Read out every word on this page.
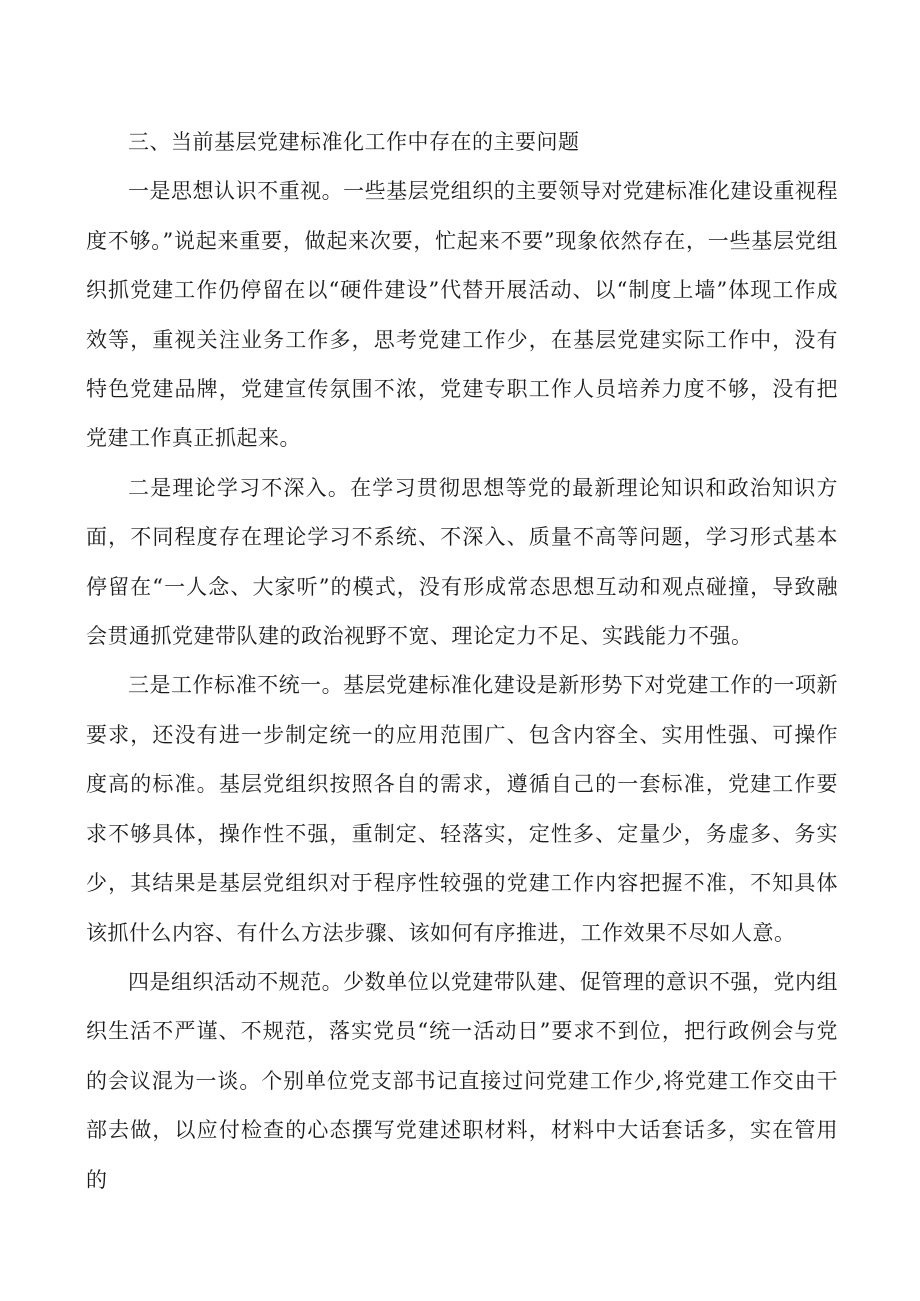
三、当前基层党建标准化工作中存在的主要问题

一是思想认识不重视。一些基层党组织的主要领导对党建标准化建设重视程度不够。”说起来重要，做起来次要，忙起来不要”现象依然存在，一些基层党组织抓党建工作仍停留在以“硬件建设”代替开展活动、以“制度上墙”体现工作成效等，重视关注业务工作多，思考党建工作少，在基层党建实际工作中，没有特色党建品牌，党建宣传氛围不浓，党建专职工作人员培养力度不够，没有把党建工作真正抓起来。

二是理论学习不深入。在学习贯彻思想等党的最新理论知识和政治知识方面，不同程度存在理论学习不系统、不深入、质量不高等问题，学习形式基本停留在“一人念、大家听”的模式，没有形成常态思想互动和观点碰撞，导致融会贯通抓党建带队建的政治视野不宽、理论定力不足、实践能力不强。

三是工作标准不统一。基层党建标准化建设是新形势下对党建工作的一项新要求，还没有进一步制定统一的应用范围广、包含内容全、实用性强、可操作度高的标准。基层党组织按照各自的需求，遵循自己的一套标准，党建工作要求不够具体，操作性不强，重制定、轻落实，定性多、定量少，务虚多、务实少，其结果是基层党组织对于程序性较强的党建工作内容把握不准，不知具体该抓什么内容、有什么方法步骤、该如何有序推进，工作效果不尽如人意。

四是组织活动不规范。少数单位以党建带队建、促管理的意识不强，党内组织生活不严谨、不规范，落实党员“统一活动日”要求不到位，把行政例会与党的会议混为一谈。个别单位党支部书记直接过问党建工作少,将党建工作交由干部去做，以应付检查的心态撰写党建述职材料，材料中大话套话多，实在管用的
